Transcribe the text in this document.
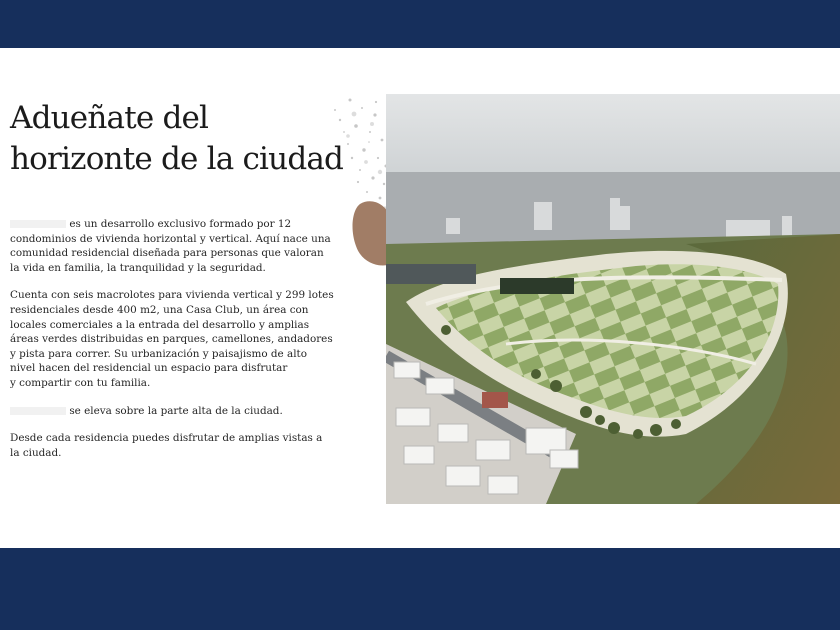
Adueñate del
horizonte de la ciudad

es un desarrollo exclusivo formado por 12 condominios de vivienda horizontal y vertical. Aquí nace una comunidad residencial diseñada para personas que valoran la vida en familia, la tranquilidad y la seguridad.

Cuenta con seis macrolotes para vivienda vertical y 299 lotes residenciales desde 400 m2, una Casa Club, un área con locales comerciales a la entrada del desarrollo y amplias áreas verdes distribuidas en parques, camellones, andadores y pista para correr. Su urbanización y paisajismo de alto nivel hacen del residencial un espacio para disfrutar
y compartir con tu familia.

se eleva sobre la parte alta de la ciudad.

Desde cada residencia puedes disfrutar de amplias vistas a la ciudad.
